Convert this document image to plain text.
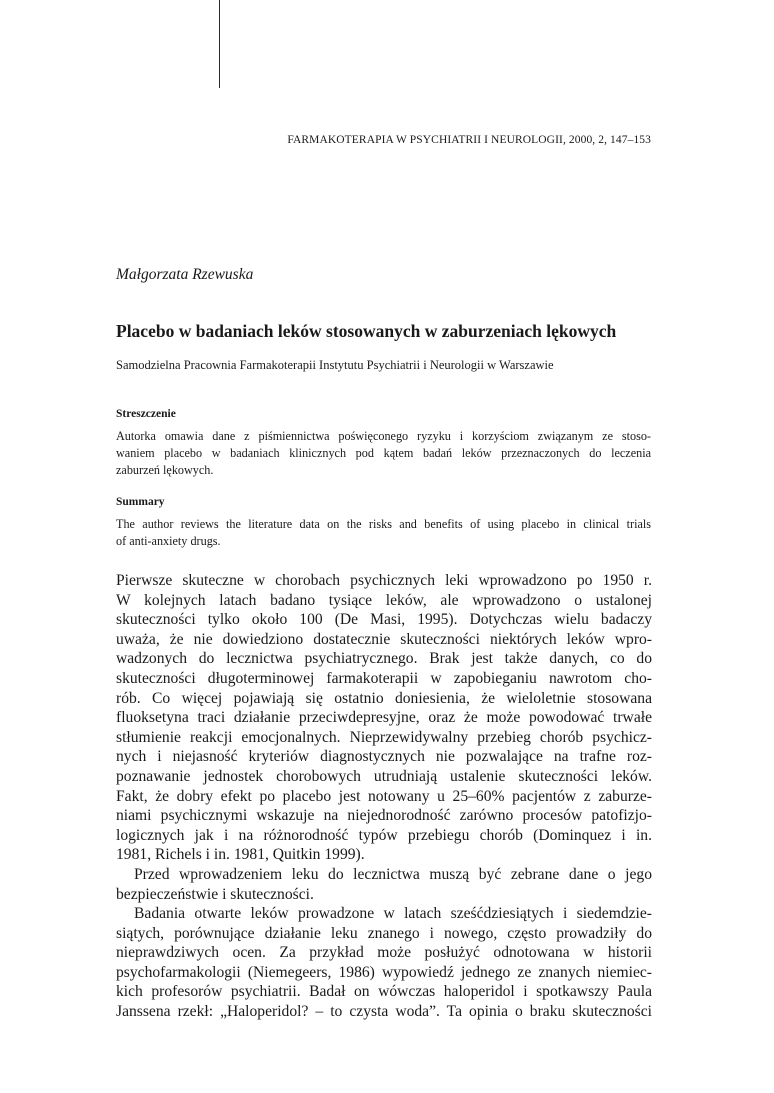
FARMAKOTERAPIA W PSYCHIATRII I NEUROLOGII, 2000, 2, 147–153
Małgorzata Rzewuska
Placebo w badaniach leków stosowanych w zaburzeniach lękowych
Samodzielna Pracownia Farmakoterapii Instytutu Psychiatrii i Neurologii w Warszawie
Streszczenie
Autorka omawia dane z piśmiennictwa poświęconego ryzyku i korzyściom związanym ze stoso-
waniem placebo w badaniach klinicznych pod kątem badań leków przeznaczonych do leczenia
zaburzeń lękowych.
Summary
The author reviews the literature data on the risks and benefits of using placebo in clinical trials
of anti-anxiety drugs.
Pierwsze skuteczne w chorobach psychicznych leki wprowadzono po 1950 r.
W kolejnych latach badano tysiące leków, ale wprowadzono o ustalonej
skuteczności tylko około 100 (De Masi, 1995). Dotychczas wielu badaczy
uważa, że nie dowiedziono dostatecznie skuteczności niektórych leków wpro-
wadzonych do lecznictwa psychiatrycznego. Brak jest także danych, co do
skuteczności długoterminowej farmakoterapii w zapobieganiu nawrotom cho-
rób. Co więcej pojawiają się ostatnio doniesienia, że wieloletnie stosowana
fluoksetyna traci działanie przeciwdepresyjne, oraz że może powodować trwałe
stłumienie reakcji emocjonalnych. Nieprzewidywalny przebieg chorób psychicz-
nych i niejasność kryteriów diagnostycznych nie pozwalające na trafne roz-
poznawanie jednostek chorobowych utrudniają ustalenie skuteczności leków.
Fakt, że dobry efekt po placebo jest notowany u 25–60% pacjentów z zaburze-
niami psychicznymi wskazuje na niejednorodność zarówno procesów patofizjo-
logicznych jak i na różnorodność typów przebiegu chorób (Dominquez i in.
1981, Richels i in. 1981, Quitkin 1999).
Przed wprowadzeniem leku do lecznictwa muszą być zebrane dane o jego
bezpieczeństwie i skuteczności.
Badania otwarte leków prowadzone w latach sześćdziesiątych i siedemdzie-
siątych, porównujące działanie leku znanego i nowego, często prowadziły do
nieprawdziwych ocen. Za przykład może posłużyć odnotowana w historii
psychofarmakologii (Niemegeers, 1986) wypowiedź jednego ze znanych niemiec-
kich profesorów psychiatrii. Badał on wówczas haloperidol i spotkawszy Paula
Janssena rzekł: „Haloperidol? – to czysta woda”. Ta opinia o braku skuteczności
